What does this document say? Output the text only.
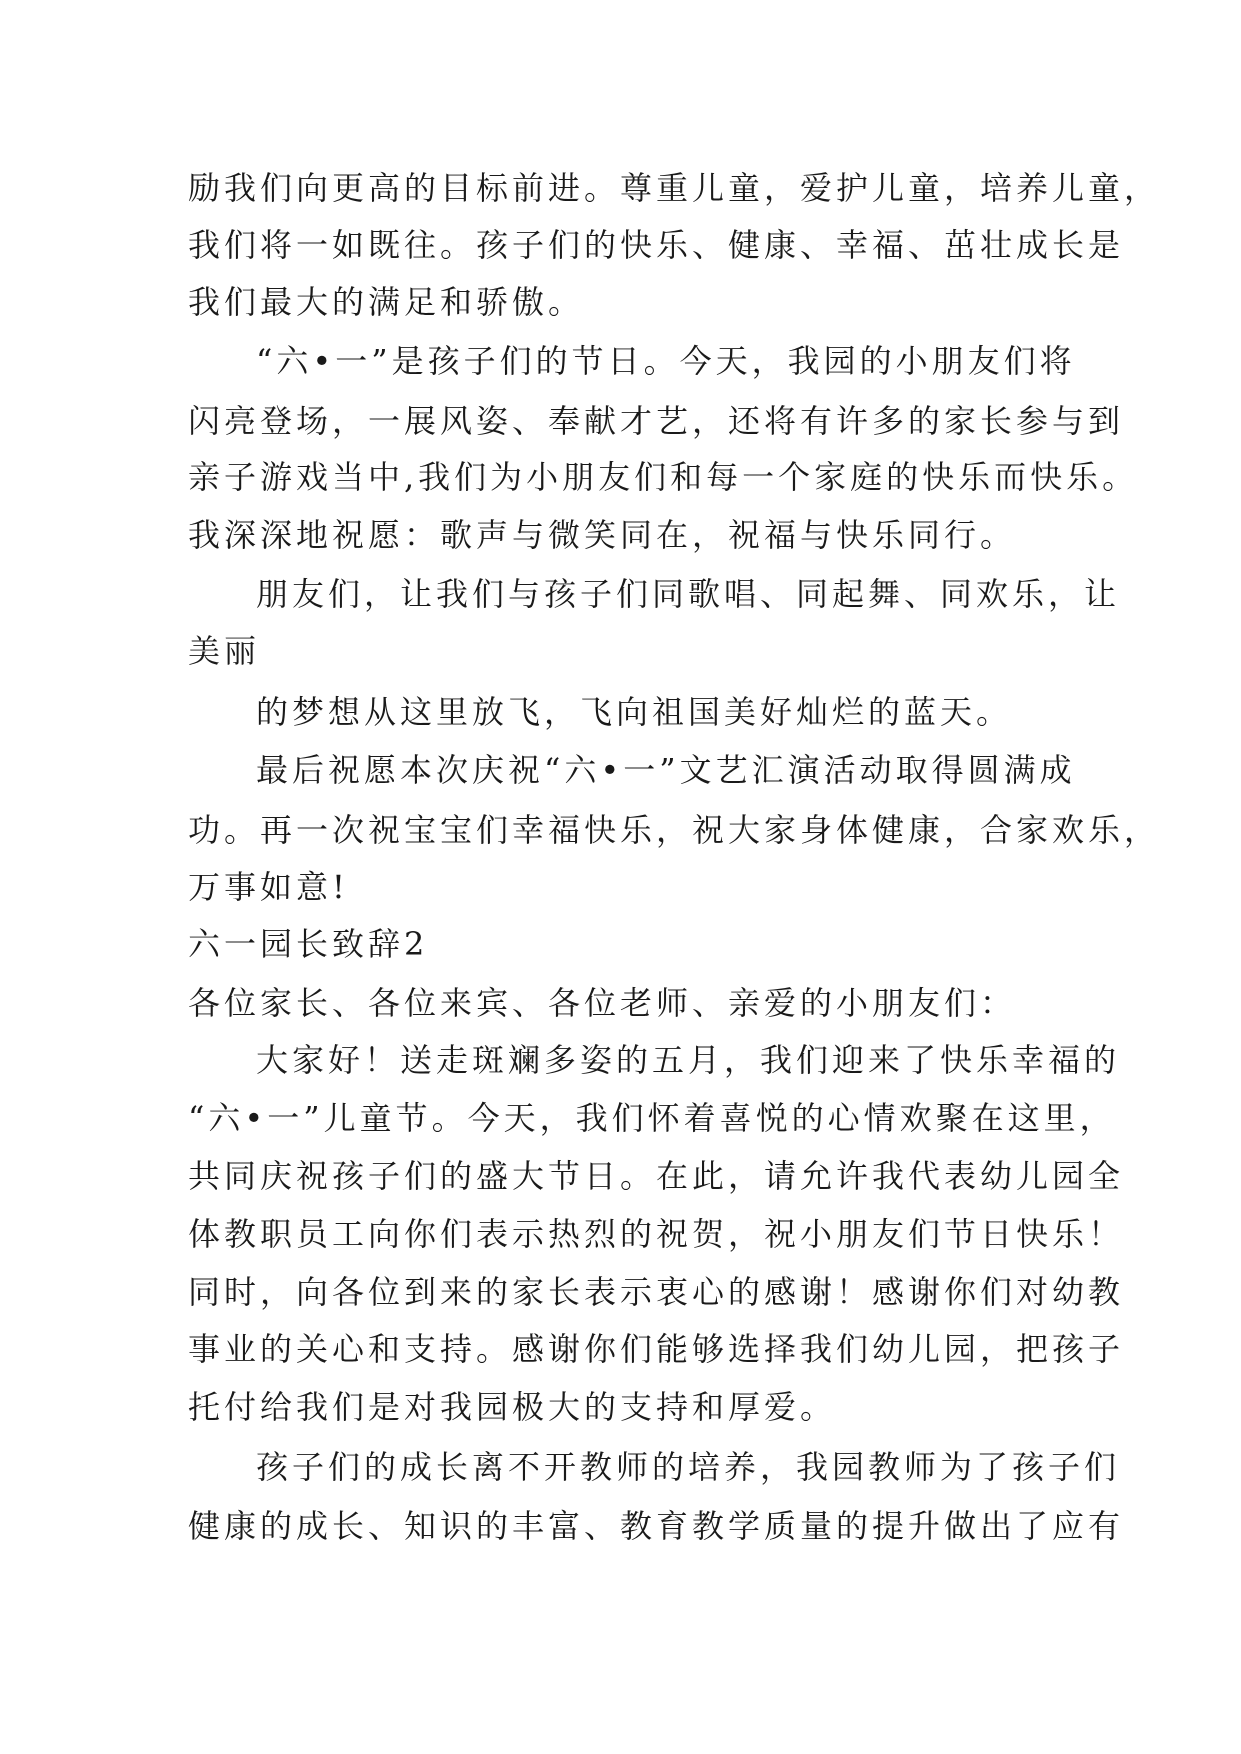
励我们向更高的目标前进。尊重儿童，爱护儿童，培养儿童，
我们将一如既往。孩子们的快乐、健康、幸福、茁壮成长是
我们最大的满足和骄傲。
“六•一”是孩子们的节日。今天，我园的小朋友们将
闪亮登场，一展风姿、奉献才艺，还将有许多的家长参与到
亲子游戏当中,我们为小朋友们和每一个家庭的快乐而快乐。
我深深地祝愿：歌声与微笑同在，祝福与快乐同行。
朋友们，让我们与孩子们同歌唱、同起舞、同欢乐，让
美丽
的梦想从这里放飞，飞向祖国美好灿烂的蓝天。
最后祝愿本次庆祝“六•一”文艺汇演活动取得圆满成
功。再一次祝宝宝们幸福快乐，祝大家身体健康，合家欢乐，
万事如意!
六一园长致辞2
各位家长、各位来宾、各位老师、亲爱的小朋友们：
大家好！送走斑斓多姿的五月，我们迎来了快乐幸福的
“六•一”儿童节。今天，我们怀着喜悦的心情欢聚在这里，
共同庆祝孩子们的盛大节日。在此，请允许我代表幼儿园全
体教职员工向你们表示热烈的祝贺，祝小朋友们节日快乐！
同时，向各位到来的家长表示衷心的感谢！感谢你们对幼教
事业的关心和支持。感谢你们能够选择我们幼儿园，把孩子
托付给我们是对我园极大的支持和厚爱。
孩子们的成长离不开教师的培养，我园教师为了孩子们
健康的成长、知识的丰富、教育教学质量的提升做出了应有
